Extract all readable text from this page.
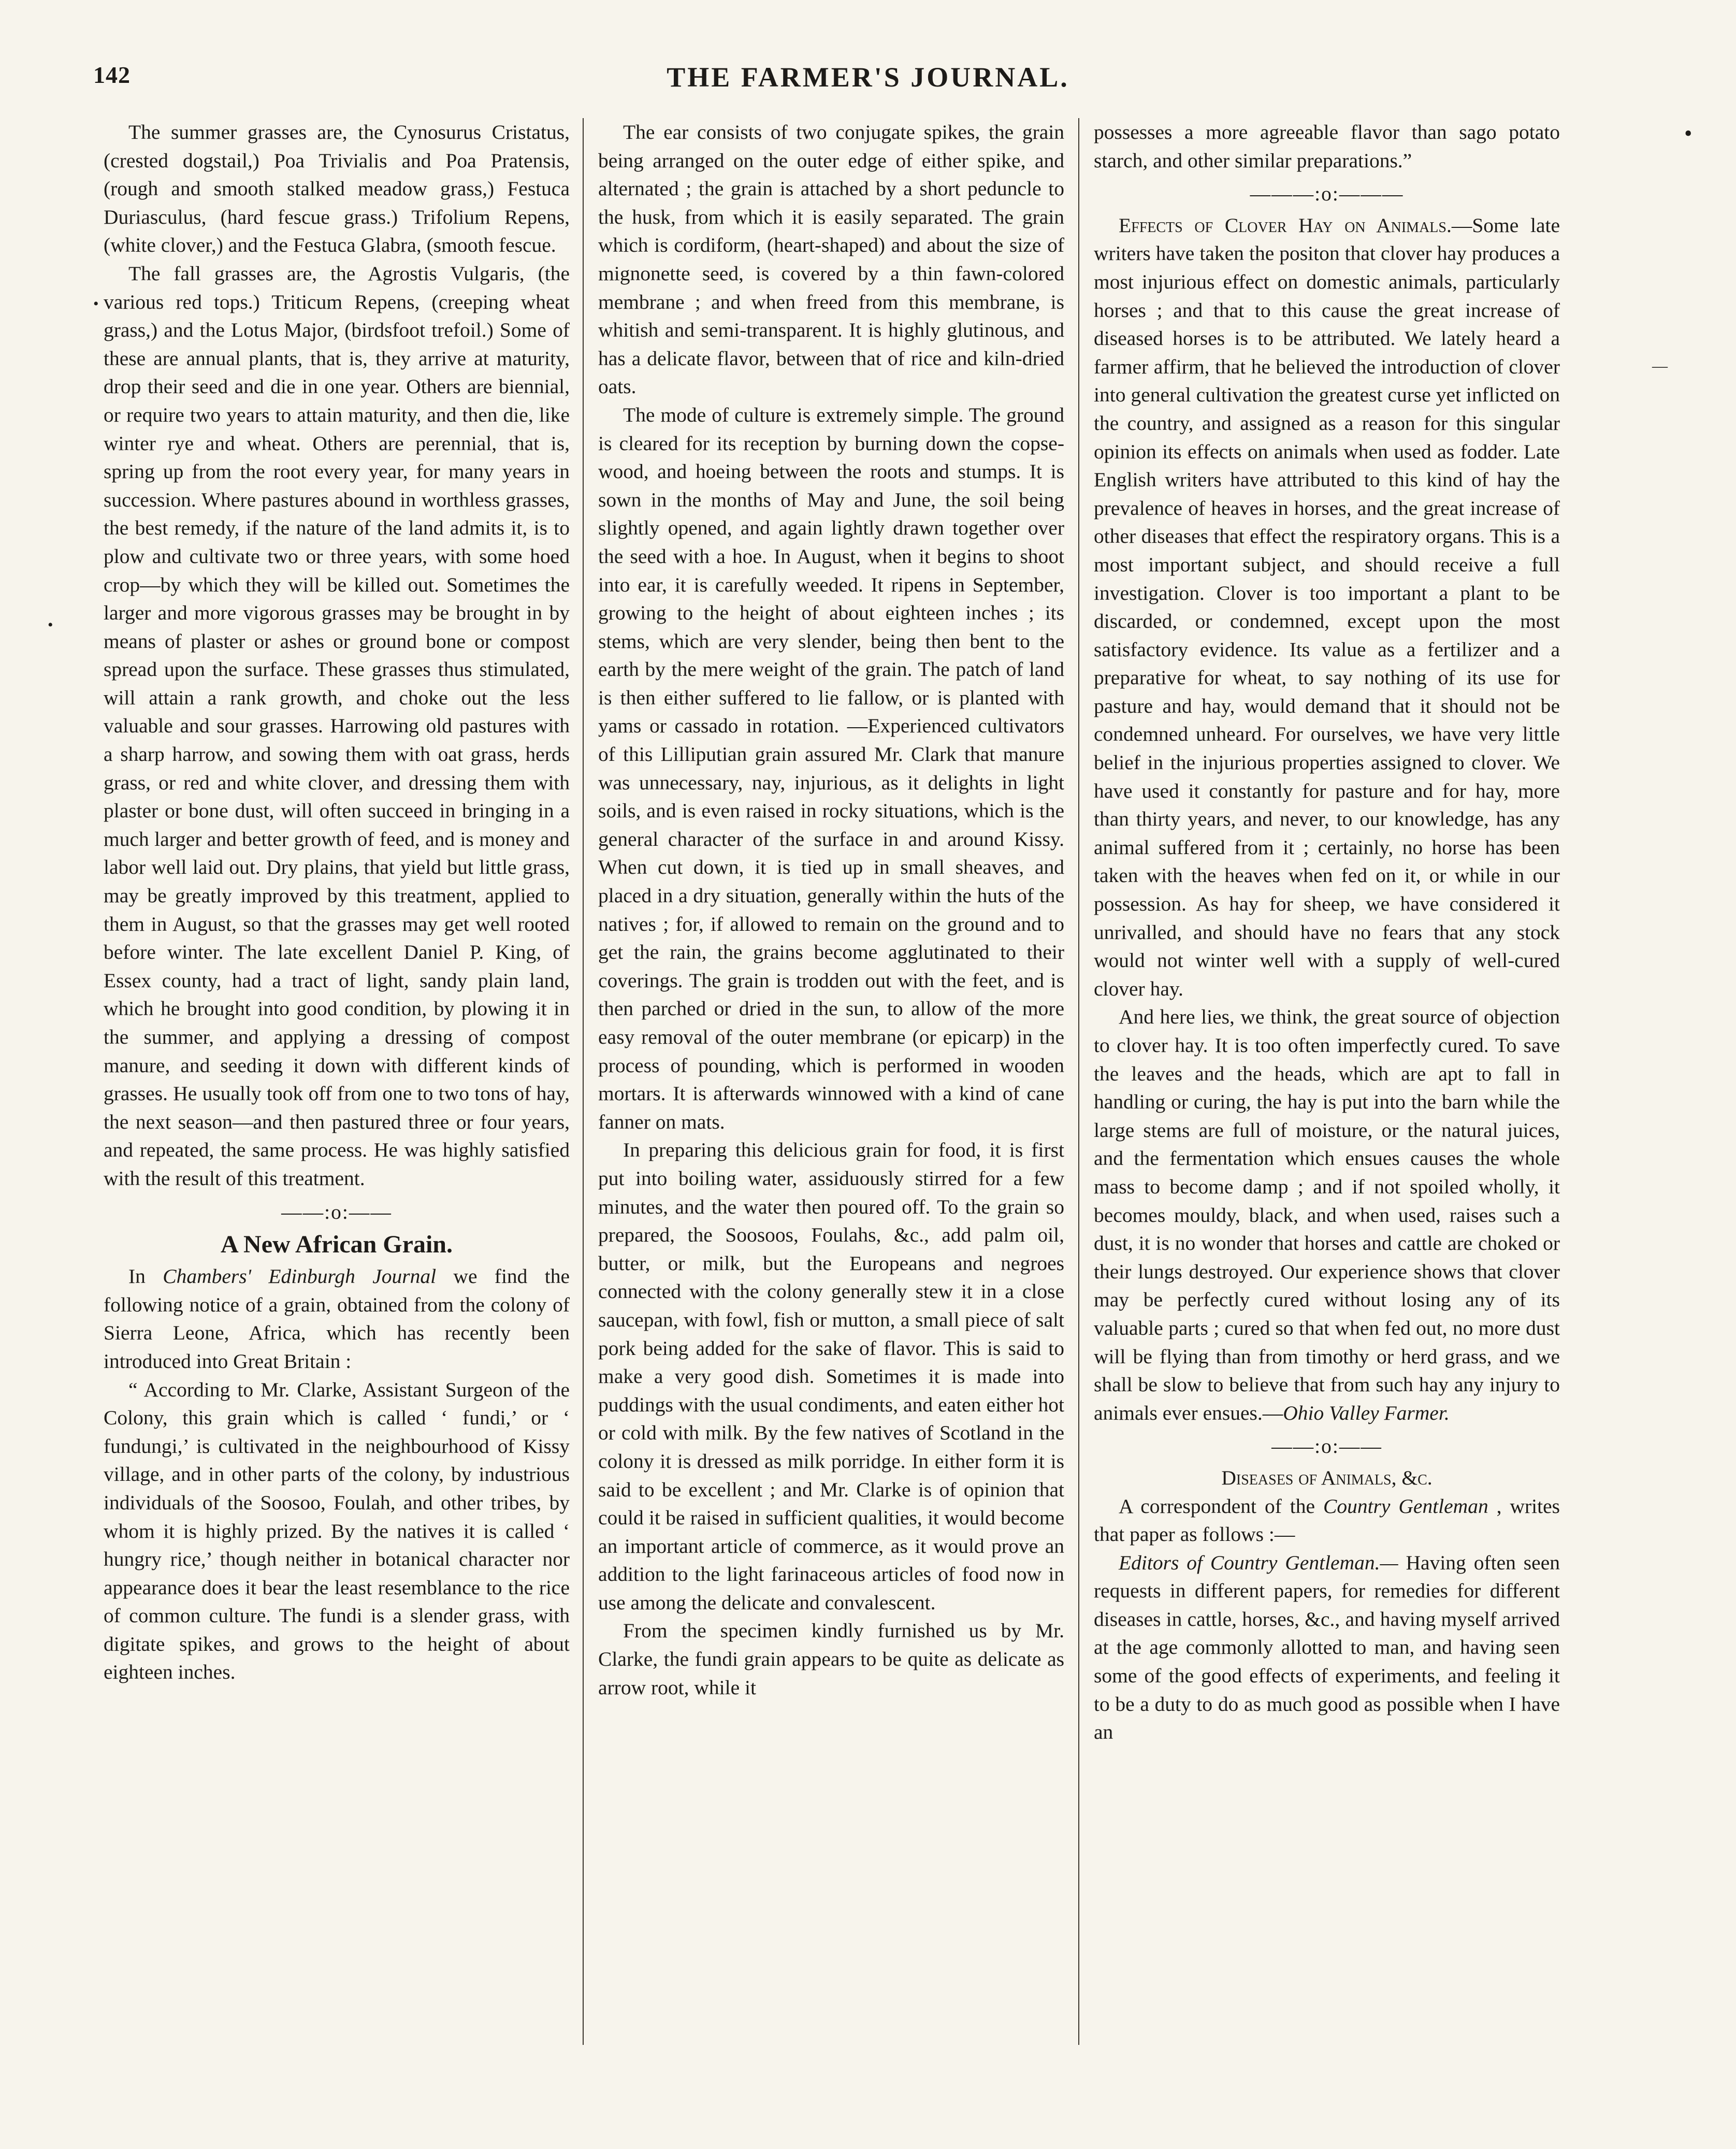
142	THE FARMER'S JOURNAL.

The summer grasses are, the Cynosurus Cristatus, (crested dogstail,) Poa Trivialis and Poa Pratensis, (rough and smooth stalked meadow grass,) Festuca Duriasculus, (hard fescue grass.) Trifolium Repens, (white clover,) and the Festuca Glabra, (smooth fescue.

The fall grasses are, the Agrostis Vulgaris, (the various red tops.) Triticum Repens, (creeping wheat grass,) and the Lotus Major, (birdsfoot trefoil.) Some of these are annual plants, that is, they arrive at maturity, drop their seed and die in one year. Others are biennial, or require two years to attain maturity, and then die, like winter rye and wheat. Others are perennial, that is, spring up from the root every year, for many years in succession. Where pastures abound in worthless grasses, the best remedy, if the nature of the land admits it, is to plow and cultivate two or three years, with some hoed crop—by which they will be killed out. Sometimes the larger and more vigorous grasses may be brought in by means of plaster or ashes or ground bone or compost spread upon the surface. These grasses thus stimulated, will attain a rank growth, and choke out the less valuable and sour grasses. Harrowing old pastures with a sharp harrow, and sowing them with oat grass, herds grass, or red and white clover, and dressing them with plaster or bone dust, will often succeed in bringing in a much larger and better growth of feed, and is money and labor well laid out. Dry plains, that yield but little grass, may be greatly improved by this treatment, applied to them in August, so that the grasses may get well rooted before winter. The late excellent Daniel P. King, of Essex county, had a tract of light, sandy plain land, which he brought into good condition, by plowing it in the summer, and applying a dressing of compost manure, and seeding it down with different kinds of grasses. He usually took off from one to two tons of hay, the next season—and then pastured three or four years, and repeated, the same process. He was highly satisfied with the result of this treatment.

——:o:——
A New African Grain.

In Chambers' Edinburgh Journal we find the following notice of a grain, obtained from the colony of Sierra Leone, Africa, which has recently been introduced into Great Britain :

“ According to Mr. Clarke, Assistant Surgeon of the Colony, this grain which is called ‘ fundi,’ or ‘ fundungi,’ is cultivated in the neighbourhood of Kissy village, and in other parts of the colony, by industrious individuals of the Soosoo, Foulah, and other tribes, by whom it is highly prized. By the natives it is called ‘ hungry rice,’ though neither in botanical character nor appearance does it bear the least resemblance to the rice of common culture. The fundi is a slender grass, with digitate spikes, and grows to the height of about eighteen inches.

The ear consists of two conjugate spikes, the grain being arranged on the outer edge of either spike, and alternated ; the grain is attached by a short peduncle to the husk, from which it is easily separated. The grain which is cordiform, (heart-shaped) and about the size of mignonette seed, is covered by a thin fawn-colored membrane ; and when freed from this membrane, is whitish and semi-transparent. It is highly glutinous, and has a delicate flavor, between that of rice and kiln-dried oats.

The mode of culture is extremely simple. The ground is cleared for its reception by burning down the copse-wood, and hoeing between the roots and stumps. It is sown in the months of May and June, the soil being slightly opened, and again lightly drawn together over the seed with a hoe. In August, when it begins to shoot into ear, it is carefully weeded. It ripens in September, growing to the height of about eighteen inches ; its stems, which are very slender, being then bent to the earth by the mere weight of the grain. The patch of land is then either suffered to lie fallow, or is planted with yams or cassado in rotation. —Experienced cultivators of this Lilliputian grain assured Mr. Clark that manure was unnecessary, nay, injurious, as it delights in light soils, and is even raised in rocky situations, which is the general character of the surface in and around Kissy. When cut down, it is tied up in small sheaves, and placed in a dry situation, generally within the huts of the natives ; for, if allowed to remain on the ground and to get the rain, the grains become agglutinated to their coverings. The grain is trodden out with the feet, and is then parched or dried in the sun, to allow of the more easy removal of the outer membrane (or epicarp) in the process of pounding, which is performed in wooden mortars. It is afterwards winnowed with a kind of cane fanner on mats.

In preparing this delicious grain for food, it is first put into boiling water, assiduously stirred for a few minutes, and the water then poured off. To the grain so prepared, the Soosoos, Foulahs, &c., add palm oil, butter, or milk, but the Europeans and negroes connected with the colony generally stew it in a close saucepan, with fowl, fish or mutton, a small piece of salt pork being added for the sake of flavor. This is said to make a very good dish. Sometimes it is made into puddings with the usual condiments, and eaten either hot or cold with milk. By the few natives of Scotland in the colony it is dressed as milk porridge. In either form it is said to be excellent ; and Mr. Clarke is of opinion that could it be raised in sufficient qualities, it would become an important article of commerce, as it would prove an addition to the light farinaceous articles of food now in use among the delicate and convalescent.

From the specimen kindly furnished us by Mr. Clarke, the fundi grain appears to be quite as delicate as arrow root, while it

possesses a more agreeable flavor than sago potato starch, and other similar preparations.”

———:o:———

Effects of Clover Hay on Animals.—Some late writers have taken the positon that clover hay produces a most injurious effect on domestic animals, particularly horses ; and that to this cause the great increase of diseased horses is to be attributed. We lately heard a farmer affirm, that he believed the introduction of clover into general cultivation the greatest curse yet inflicted on the country, and assigned as a reason for this singular opinion its effects on animals when used as fodder. Late English writers have attributed to this kind of hay the prevalence of heaves in horses, and the great increase of other diseases that effect the respiratory organs. This is a most important subject, and should receive a full investigation. Clover is too important a plant to be discarded, or condemned, except upon the most satisfactory evidence. Its value as a fertilizer and a preparative for wheat, to say nothing of its use for pasture and hay, would demand that it should not be condemned unheard. For ourselves, we have very little belief in the injurious properties assigned to clover. We have used it constantly for pasture and for hay, more than thirty years, and never, to our knowledge, has any animal suffered from it ; certainly, no horse has been taken with the heaves when fed on it, or while in our possession. As hay for sheep, we have considered it unrivalled, and should have no fears that any stock would not winter well with a supply of well-cured clover hay.

And here lies, we think, the great source of objection to clover hay. It is too often imperfectly cured. To save the leaves and the heads, which are apt to fall in handling or curing, the hay is put into the barn while the large stems are full of moisture, or the natural juices, and the fermentation which ensues causes the whole mass to become damp ; and if not spoiled wholly, it becomes mouldy, black, and when used, raises such a dust, it is no wonder that horses and cattle are choked or their lungs destroyed. Our experience shows that clover may be perfectly cured without losing any of its valuable parts ; cured so that when fed out, no more dust will be flying than from timothy or herd grass, and we shall be slow to believe that from such hay any injury to animals ever ensues.—Ohio Valley Farmer.

——:o:——
Diseases of Animals, &c.

A correspondent of the Country Gentleman , writes that paper as follows :—

Editors of Country Gentleman.— Having often seen requests in different papers, for remedies for different diseases in cattle, horses, &c., and having myself arrived at the age commonly allotted to man, and having seen some of the good effects of experiments, and feeling it to be a duty to do as much good as possible when I have an

•
—
•
•
